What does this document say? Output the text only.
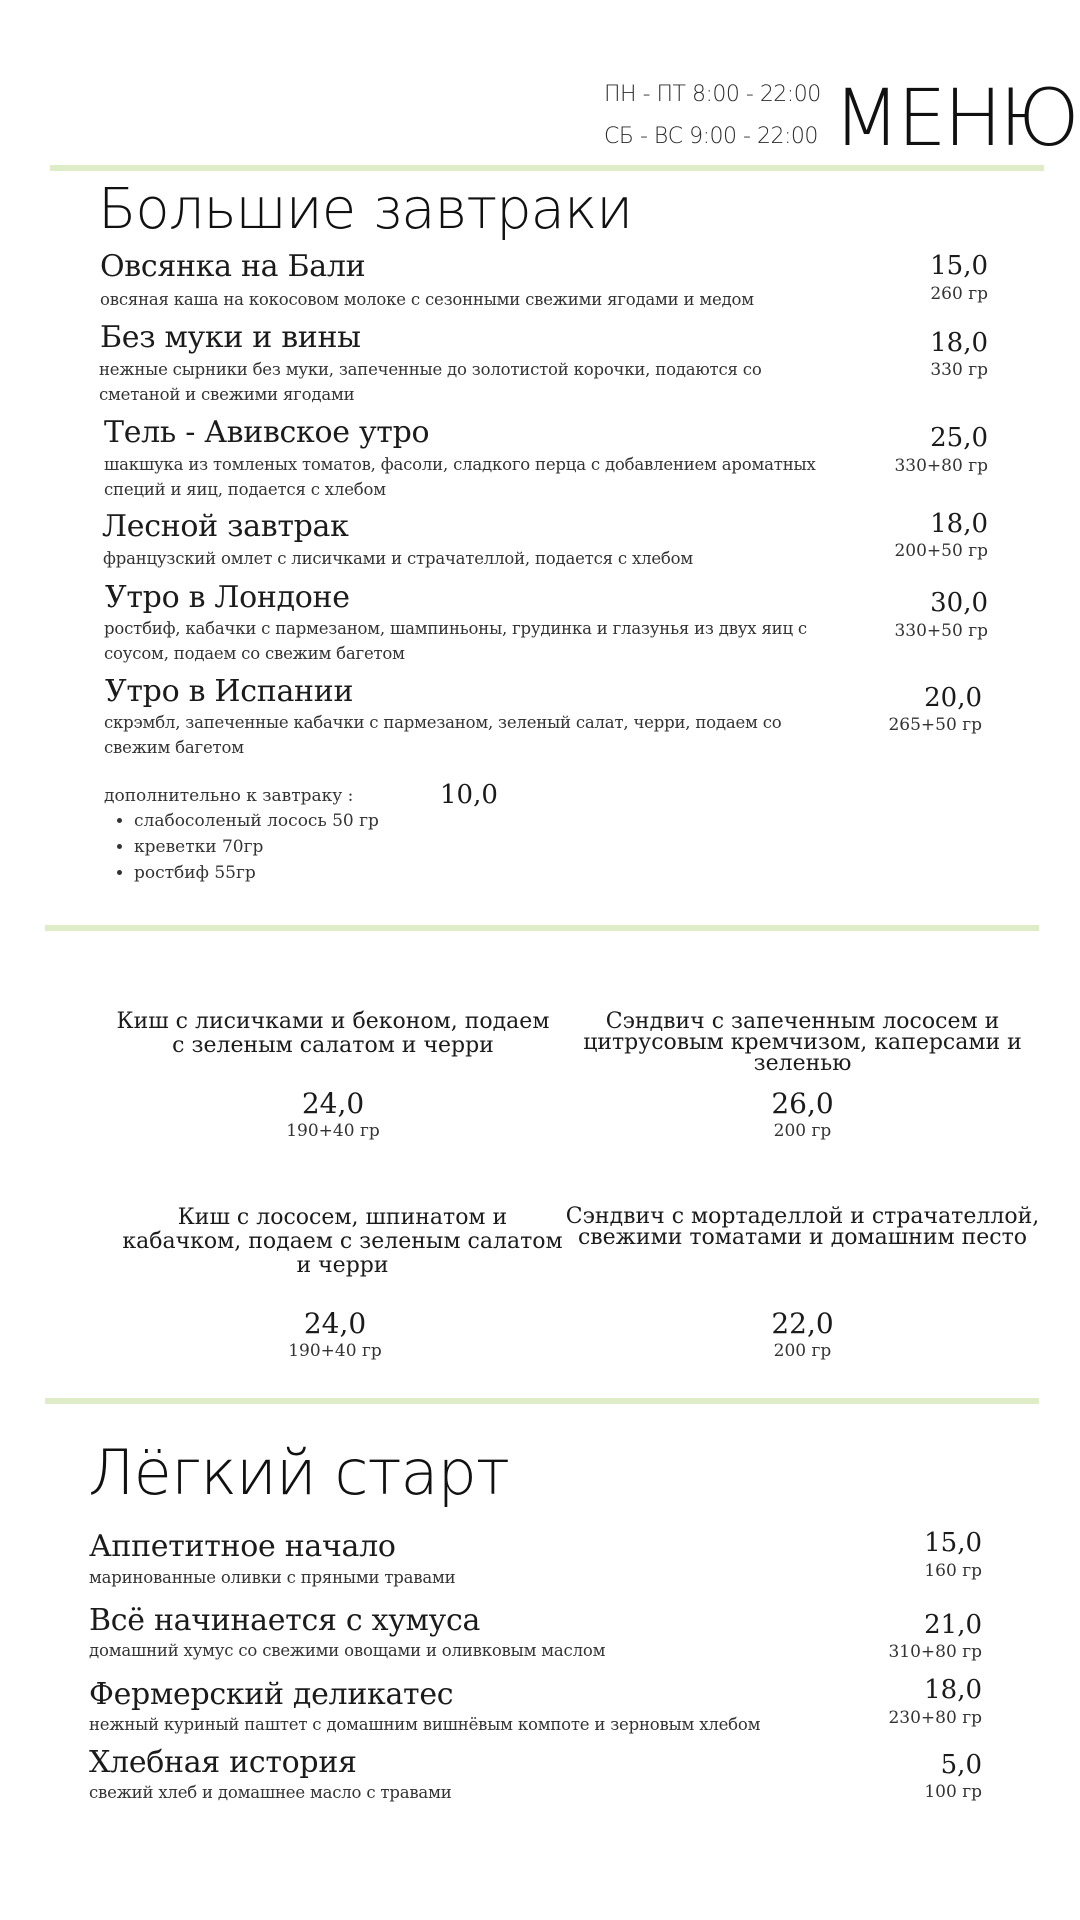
ПН - ПТ 8:00 - 22:00
СБ - ВС 9:00 - 22:00 МЕНЮ
Большие завтраки
Овсянка на Бали
овсяная каша на кокосовом молоке с сезонными свежими ягодами и медом
15,0
260 гр
Без муки и вины
нежные сырники без муки, запеченные до золотистой корочки, подаются со сметаной и свежими ягодами
18,0
330 гр
Тель - Авивское утро
шакшука из томленых томатов, фасоли, сладкого перца с добавлением ароматных специй и яиц, подается с хлебом
25,0
330+80 гр
Лесной завтрак
французский омлет с лисичками и страчателлой, подается с хлебом
18,0
200+50 гр
Утро в Лондоне
ростбиф, кабачки с пармезаном, шампиньоны, грудинка и глазунья из двух яиц с соусом, подаем со свежим багетом
30,0
330+50 гр
Утро в Испании
скрэмбл, запеченные кабачки с пармезаном, зеленый салат, черри, подаем со свежим багетом
20,0
265+50 гр
дополнительно к завтраку :	10,0
• слабосоленый лосось 50 гр
• креветки 70гр
• ростбиф 55гр
Киш с лисичками и беконом, подаем с зеленым салатом и черри
24,0
190+40 гр
Сэндвич с запеченным лососем и цитрусовым кремчизом, каперсами и зеленью
26,0
200 гр
Киш с лососем, шпинатом и кабачком, подаем с зеленым салатом и черри
24,0
190+40 гр
Сэндвич с мортаделлой и страчателлой, свежими томатами и домашним песто
22,0
200 гр
Лёгкий старт
Аппетитное начало
маринованные оливки с пряными травами
15,0
160 гр
Всё начинается с хумуса
домашний хумус со свежими овощами и оливковым маслом
21,0
310+80 гр
Фермерский деликатес
нежный куриный паштет с домашним вишнёвым компоте и зерновым хлебом
18,0
230+80 гр
Хлебная история
свежий хлеб и домашнее масло с травами
5,0
100 гр
